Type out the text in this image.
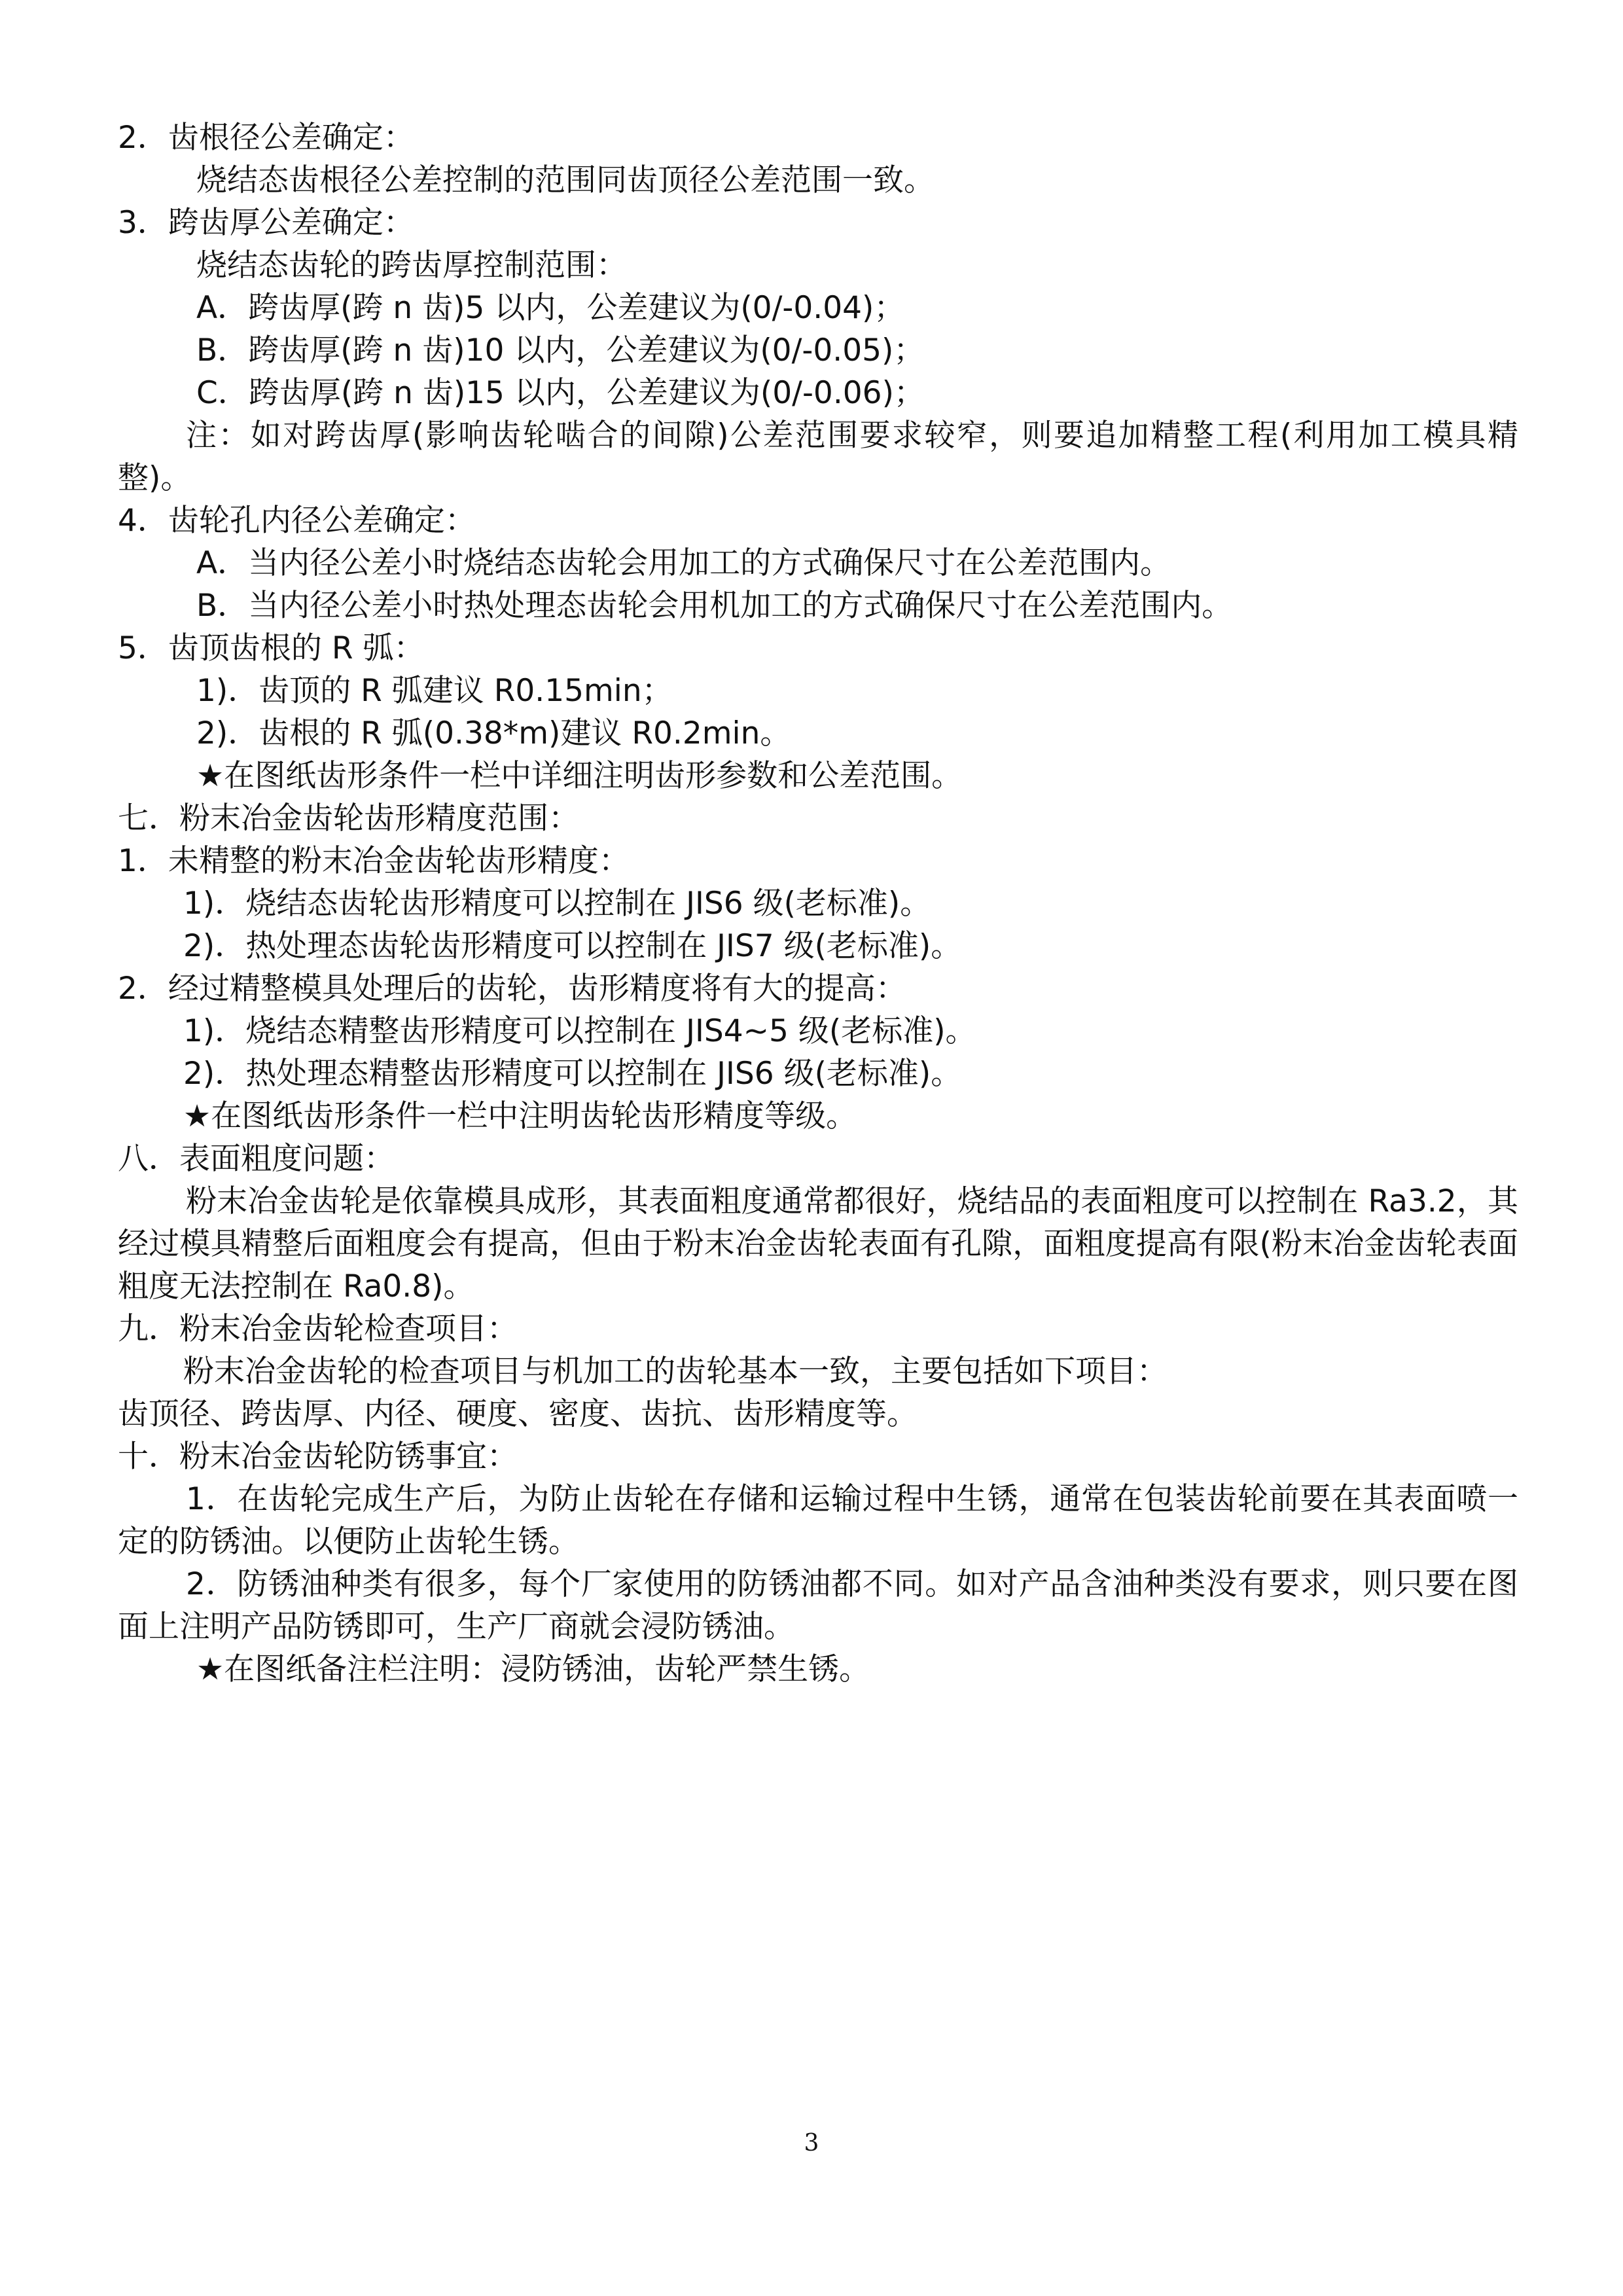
2．齿根径公差确定：
烧结态齿根径公差控制的范围同齿顶径公差范围一致。
3．跨齿厚公差确定：
烧结态齿轮的跨齿厚控制范围：
A．跨齿厚(跨 n 齿)5 以内，公差建议为(0/-0.04)；
B．跨齿厚(跨 n 齿)10 以内，公差建议为(0/-0.05)；
C．跨齿厚(跨 n 齿)15 以内，公差建议为(0/-0.06)；
注：如对跨齿厚(影响齿轮啮合的间隙)公差范围要求较窄，则要追加精整工程(利用加工模具精整)。
4．齿轮孔内径公差确定：
A．当内径公差小时烧结态齿轮会用加工的方式确保尺寸在公差范围内。
B．当内径公差小时热处理态齿轮会用机加工的方式确保尺寸在公差范围内。
5．齿顶齿根的 R 弧：
1)．齿顶的 R 弧建议 R0.15min；
2)．齿根的 R 弧(0.38*m)建议 R0.2min。
★在图纸齿形条件一栏中详细注明齿形参数和公差范围。
七．粉末冶金齿轮齿形精度范围：
1．未精整的粉末冶金齿轮齿形精度：
1)．烧结态齿轮齿形精度可以控制在 JIS6 级(老标准)。
2)．热处理态齿轮齿形精度可以控制在 JIS7 级(老标准)。
2．经过精整模具处理后的齿轮，齿形精度将有大的提高：
1)．烧结态精整齿形精度可以控制在 JIS4~5 级(老标准)。
2)．热处理态精整齿形精度可以控制在 JIS6 级(老标准)。
★在图纸齿形条件一栏中注明齿轮齿形精度等级。
八．表面粗度问题：
粉末冶金齿轮是依靠模具成形，其表面粗度通常都很好，烧结品的表面粗度可以控制在 Ra3.2，其经过模具精整后面粗度会有提高，但由于粉末冶金齿轮表面有孔隙，面粗度提高有限(粉末冶金齿轮表面粗度无法控制在 Ra0.8)。
九．粉末冶金齿轮检查项目：
粉末冶金齿轮的检查项目与机加工的齿轮基本一致，主要包括如下项目：
齿顶径、跨齿厚、内径、硬度、密度、齿抗、齿形精度等。
十．粉末冶金齿轮防锈事宜：
1．在齿轮完成生产后，为防止齿轮在存储和运输过程中生锈，通常在包装齿轮前要在其表面喷一定的防锈油。以便防止齿轮生锈。
2．防锈油种类有很多，每个厂家使用的防锈油都不同。如对产品含油种类没有要求，则只要在图面上注明产品防锈即可，生产厂商就会浸防锈油。
★在图纸备注栏注明：浸防锈油，齿轮严禁生锈。
3
